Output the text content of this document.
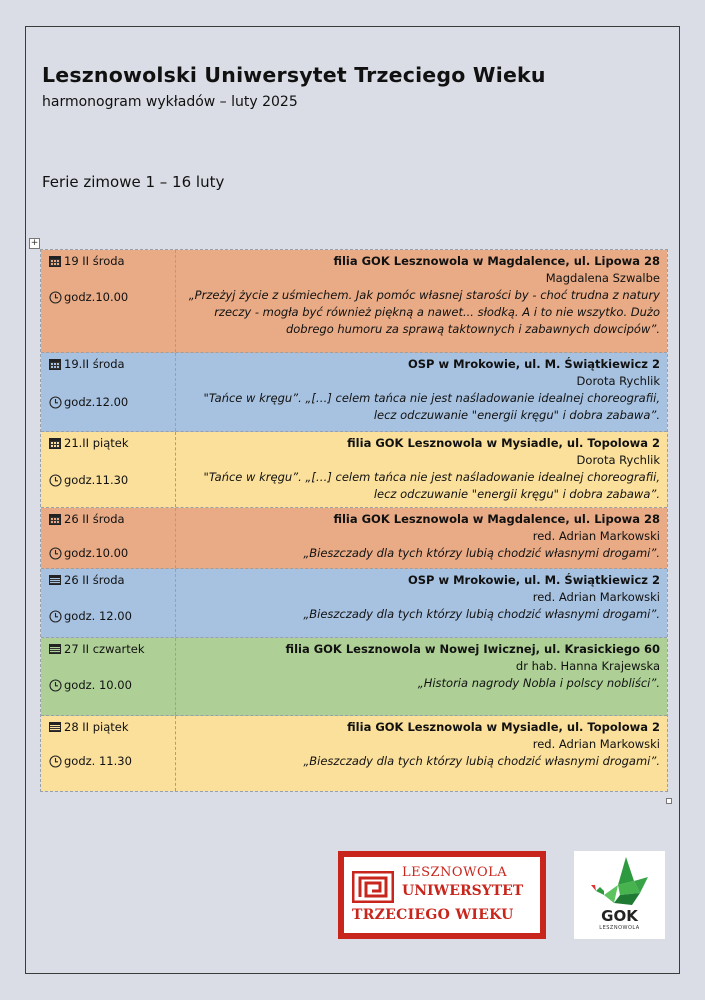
Lesznowolski Uniwersytet Trzeciego Wieku
harmonogram wykładów – luty 2025
Ferie zimowe 1 – 16 luty
+
19 II środa
godz.10.00
filia GOK Lesznowola w Magdalence, ul. Lipowa 28
Magdalena Szwalbe
„Przeżyj życie z uśmiechem. Jak pomóc własnej starości by - choć trudna z natury rzeczy - mogła być również piękną a nawet... słodką. A i to nie wszytko. Dużo dobrego humoru za sprawą taktownych i zabawnych dowcipów”.
19.II środa
godz.12.00
OSP w Mrokowie, ul. M. Świątkiewicz 2
Dorota Rychlik
"Tańce w kręgu”. „[…] celem tańca nie jest naśladowanie idealnej choreografii, lecz odczuwanie "energii kręgu" i dobra zabawa”.
21.II piątek
godz.11.30
filia GOK Lesznowola w Mysiadle, ul. Topolowa 2
Dorota Rychlik
"Tańce w kręgu”. „[…] celem tańca nie jest naśladowanie idealnej choreografii, lecz odczuwanie "energii kręgu" i dobra zabawa”.
26 II środa
godz.10.00
filia GOK Lesznowola w Magdalence, ul. Lipowa 28
red. Adrian Markowski
„Bieszczady dla tych którzy lubią chodzić własnymi drogami”.
26 II środa
godz. 12.00
OSP w Mrokowie, ul. M. Świątkiewicz 2
red. Adrian Markowski
„Bieszczady dla tych którzy lubią chodzić własnymi drogami”.
27 II czwartek
godz. 10.00
filia GOK Lesznowola w Nowej Iwicznej, ul. Krasickiego 60
dr hab. Hanna Krajewska
„Historia nagrody Nobla i polscy nobliści”.
28 II piątek
godz. 11.30
filia GOK Lesznowola w Mysiadle, ul. Topolowa 2
red. Adrian Markowski
„Bieszczady dla tych którzy lubią chodzić własnymi drogami”.
LESZNOWOLA
UNIWERSYTET
TRZECIEGO WIEKU	GOK
LESZNOWOLA
